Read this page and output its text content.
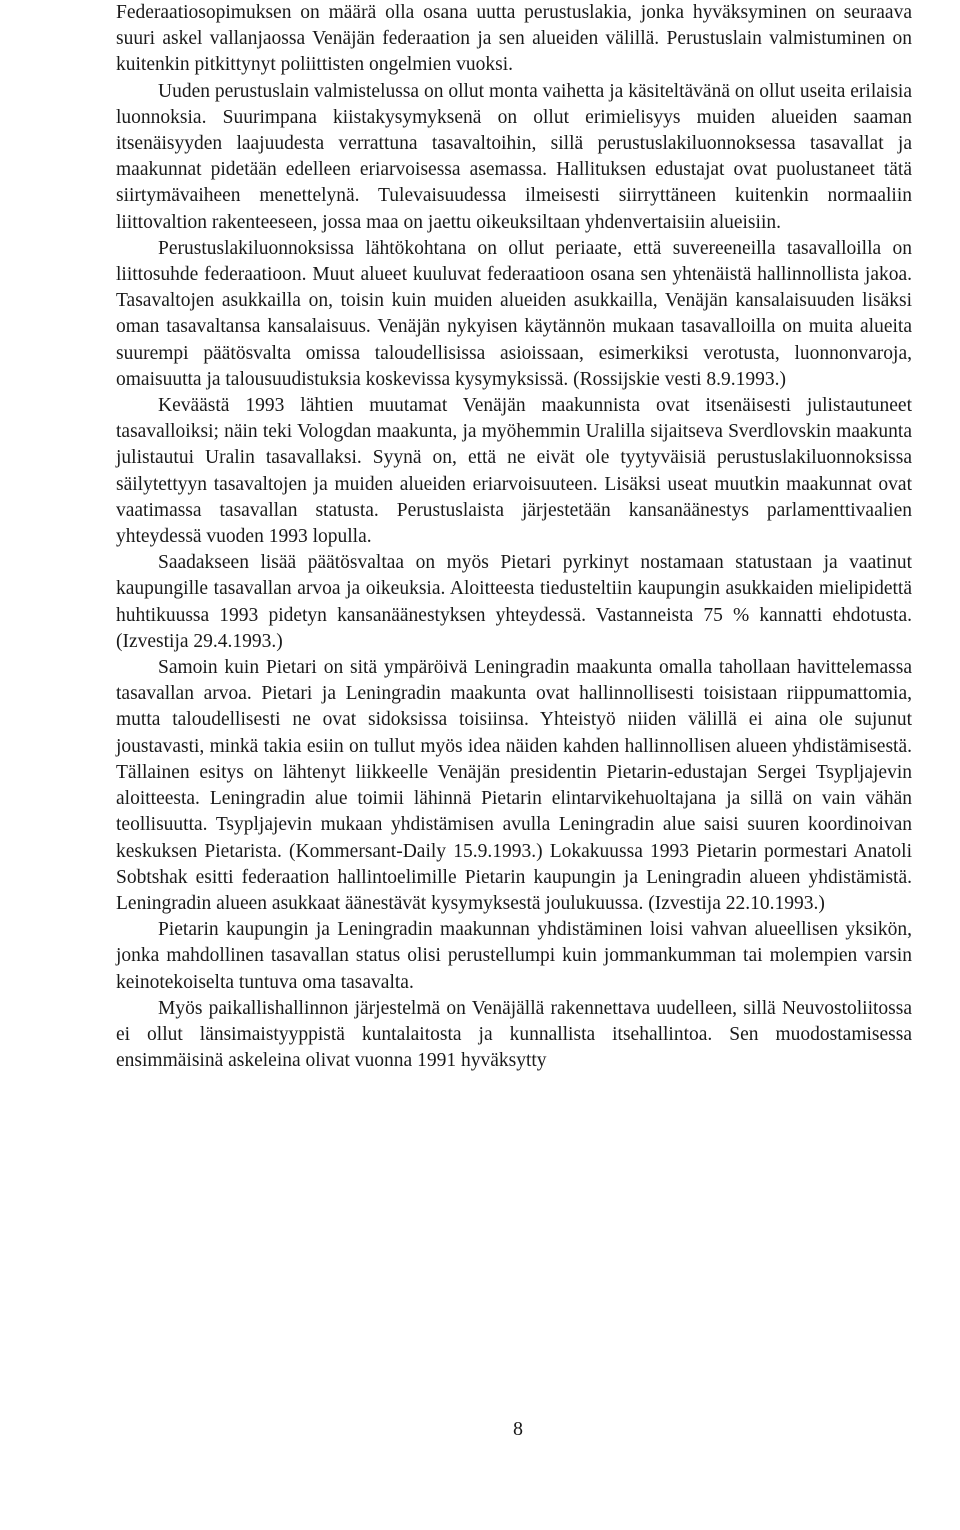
Federaatiosopimuksen on määrä olla osana uutta perustuslakia, jonka hyväksyminen on seuraava suuri askel vallanjaossa Venäjän federaation ja sen alueiden välillä. Perustuslain valmistuminen on kuitenkin pitkittynyt poliittisten ongelmien vuoksi.

Uuden perustuslain valmistelussa on ollut monta vaihetta ja käsiteltävänä on ollut useita erilaisia luonnoksia. Suurimpana kiistakysymyksenä on ollut erimielisyys muiden alueiden saaman itsenäisyyden laajuudesta verrattuna tasavaltoihin, sillä perustuslakiluonnoksessa tasavallat ja maakunnat pidetään edelleen eriarvoisessa asemassa. Hallituksen edustajat ovat puolustaneet tätä siirtymävaiheen menettelynä. Tulevaisuudessa ilmeisesti siirryttäneen kuitenkin normaaliin liittovaltion rakenteeseen, jossa maa on jaettu oikeuksiltaan yhdenvertaisiin alueisiin.

Perustuslakiluonnoksissa lähtökohtana on ollut periaate, että suvereeneilla tasavalloilla on liittosuhde federaatioon. Muut alueet kuuluvat federaatioon osana sen yhtenäistä hallinnollista jakoa. Tasavaltojen asukkailla on, toisin kuin muiden alueiden asukkailla, Venäjän kansalaisuuden lisäksi oman tasavaltansa kansalaisuus. Venäjän nykyisen käytännön mukaan tasavalloilla on muita alueita suurempi päätösvalta omissa taloudellisissa asioissaan, esimerkiksi verotusta, luonnonvaroja, omaisuutta ja talousuudistuksia koskevissa kysymyksissä. (Rossijskie vesti 8.9.1993.)

Keväästä 1993 lähtien muutamat Venäjän maakunnista ovat itsenäisesti julistautuneet tasavalloiksi; näin teki Vologdan maakunta, ja myöhemmin Uralilla sijaitseva Sverdlovskin maakunta julistautui Uralin tasavallaksi. Syynä on, että ne eivät ole tyytyväisiä perustuslakiluonnoksissa säilytettyyn tasavaltojen ja muiden alueiden eriarvoisuuteen. Lisäksi useat muutkin maakunnat ovat vaatimassa tasavallan statusta. Perustuslaista järjestetään kansanäänestys parlamenttivaalien yhteydessä vuoden 1993 lopulla.

Saadakseen lisää päätösvaltaa on myös Pietari pyrkinyt nostamaan statustaan ja vaatinut kaupungille tasavallan arvoa ja oikeuksia. Aloitteesta tiedusteltiin kaupungin asukkaiden mielipidettä huhtikuussa 1993 pidetyn kansanäänestyksen yhteydessä. Vastanneista 75 % kannatti ehdotusta. (Izvestija 29.4.1993.)

Samoin kuin Pietari on sitä ympäröivä Leningradin maakunta omalla tahollaan havittelemassa tasavallan arvoa. Pietari ja Leningradin maakunta ovat hallinnollisesti toisistaan riippumattomia, mutta taloudellisesti ne ovat sidoksissa toisiinsa. Yhteistyö niiden välillä ei aina ole sujunut joustavasti, minkä takia esiin on tullut myös idea näiden kahden hallinnollisen alueen yhdistämisestä. Tällainen esitys on lähtenyt liikkeelle Venäjän presidentin Pietarin-edustajan Sergei Tsypljajevin aloitteesta. Leningradin alue toimii lähinnä Pietarin elintarvikehuoltajana ja sillä on vain vähän teollisuutta. Tsypljajevin mukaan yhdistämisen avulla Leningradin alue saisi suuren koordinoivan keskuksen Pietarista. (Kommersant-Daily 15.9.1993.) Lokakuussa 1993 Pietarin pormestari Anatoli Sobtshak esitti federaation hallintoelimille Pietarin kaupungin ja Leningradin alueen yhdistämistä. Leningradin alueen asukkaat äänestävät kysymyksestä joulukuussa. (Izvestija 22.10.1993.)

Pietarin kaupungin ja Leningradin maakunnan yhdistäminen loisi vahvan alueellisen yksikön, jonka mahdollinen tasavallan status olisi perustellumpi kuin jommankumman tai molempien varsin keinotekoiselta tuntuva oma tasavalta.

Myös paikallishallinnon järjestelmä on Venäjällä rakennettava uudelleen, sillä Neuvostoliitossa ei ollut länsimaistyyppistä kuntalaitosta ja kunnallista itsehallintoa. Sen muodostamisessa ensimmäisinä askeleina olivat vuonna 1991 hyväksytty

8
